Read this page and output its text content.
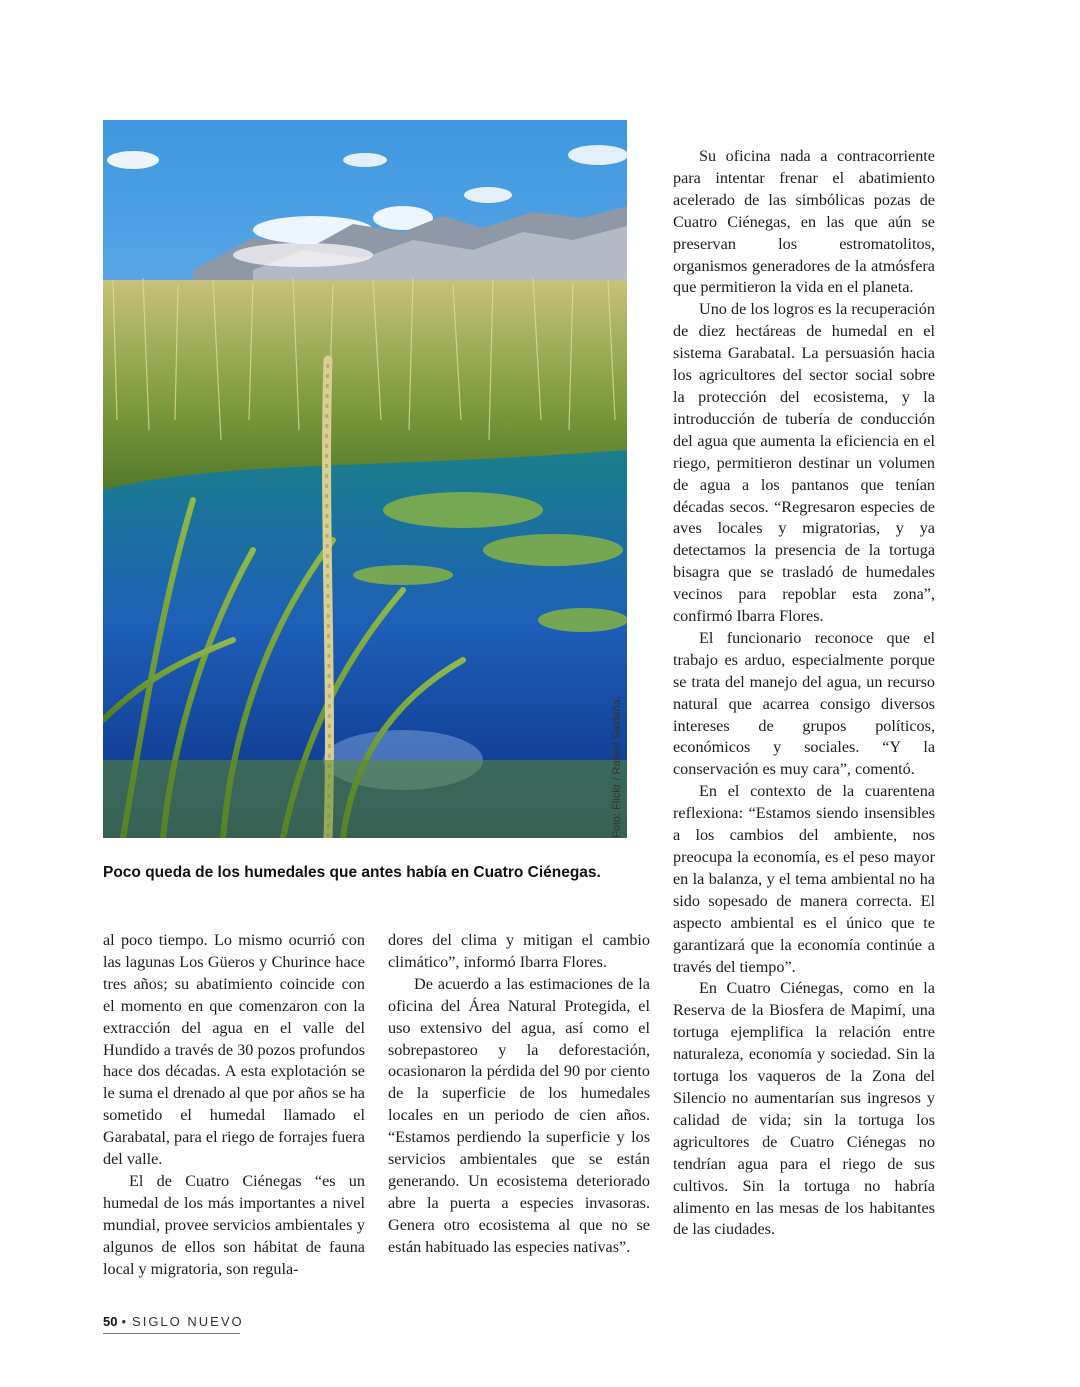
Foto: Flickr / Rafael Saldaña.
Poco queda de los humedales que antes había en Cuatro Ciénegas.

al poco tiempo. Lo mismo ocurrió con las lagunas Los Güeros y Churince hace tres años; su abatimiento coincide con el momento en que comenzaron con la extracción del agua en el valle del Hundido a través de 30 pozos profundos hace dos décadas. A esta explotación se le suma el drenado al que por años se ha sometido el humedal llamado el Garabatal, para el riego de forrajes fuera del valle.

El de Cuatro Ciénegas “es un humedal de los más importantes a nivel mundial, provee servicios ambientales y algunos de ellos son hábitat de fauna local y migratoria, son regula-

dores del clima y mitigan el cambio climático”, informó Ibarra Flores.

De acuerdo a las estimaciones de la oficina del Área Natural Protegida, el uso extensivo del agua, así como el sobrepastoreo y la deforestación, ocasionaron la pérdida del 90 por ciento de la superficie de los humedales locales en un periodo de cien años. “Estamos perdiendo la superficie y los servicios ambientales que se están generando. Un ecosistema deteriorado abre la puerta a especies invasoras. Genera otro ecosistema al que no se están habituado las especies nativas”.

Su oficina nada a contracorriente para intentar frenar el abatimiento acelerado de las simbólicas pozas de Cuatro Ciénegas, en las que aún se preservan los estromatolitos, organismos generadores de la atmósfera que permitieron la vida en el planeta.

Uno de los logros es la recuperación de diez hectáreas de humedal en el sistema Garabatal. La persuasión hacia los agricultores del sector social sobre la protección del ecosistema, y la introducción de tubería de conducción del agua que aumenta la eficiencia en el riego, permitieron destinar un volumen de agua a los pantanos que tenían décadas secos. “Regresaron especies de aves locales y migratorias, y ya detectamos la presencia de la tortuga bisagra que se trasladó de humedales vecinos para repoblar esta zona”, confirmó Ibarra Flores.

El funcionario reconoce que el trabajo es arduo, especialmente porque se trata del manejo del agua, un recurso natural que acarrea consigo diversos intereses de grupos políticos, económicos y sociales. “Y la conservación es muy cara”, comentó.

En el contexto de la cuarentena reflexiona: “Estamos siendo insensibles a los cambios del ambiente, nos preocupa la economía, es el peso mayor en la balanza, y el tema ambiental no ha sido sopesado de manera correcta. El aspecto ambiental es el único que te garantizará que la economía continúe a través del tiempo”.

En Cuatro Ciénegas, como en la Reserva de la Biosfera de Mapimí, una tortuga ejemplifica la relación entre naturaleza, economía y sociedad. Sin la tortuga los vaqueros de la Zona del Silencio no aumentarían sus ingresos y calidad de vida; sin la tortuga los agricultores de Cuatro Ciénegas no tendrían agua para el riego de sus cultivos. Sin la tortuga no habría alimento en las mesas de los habitantes de las ciudades.

50 • SIGLO NUEVO
